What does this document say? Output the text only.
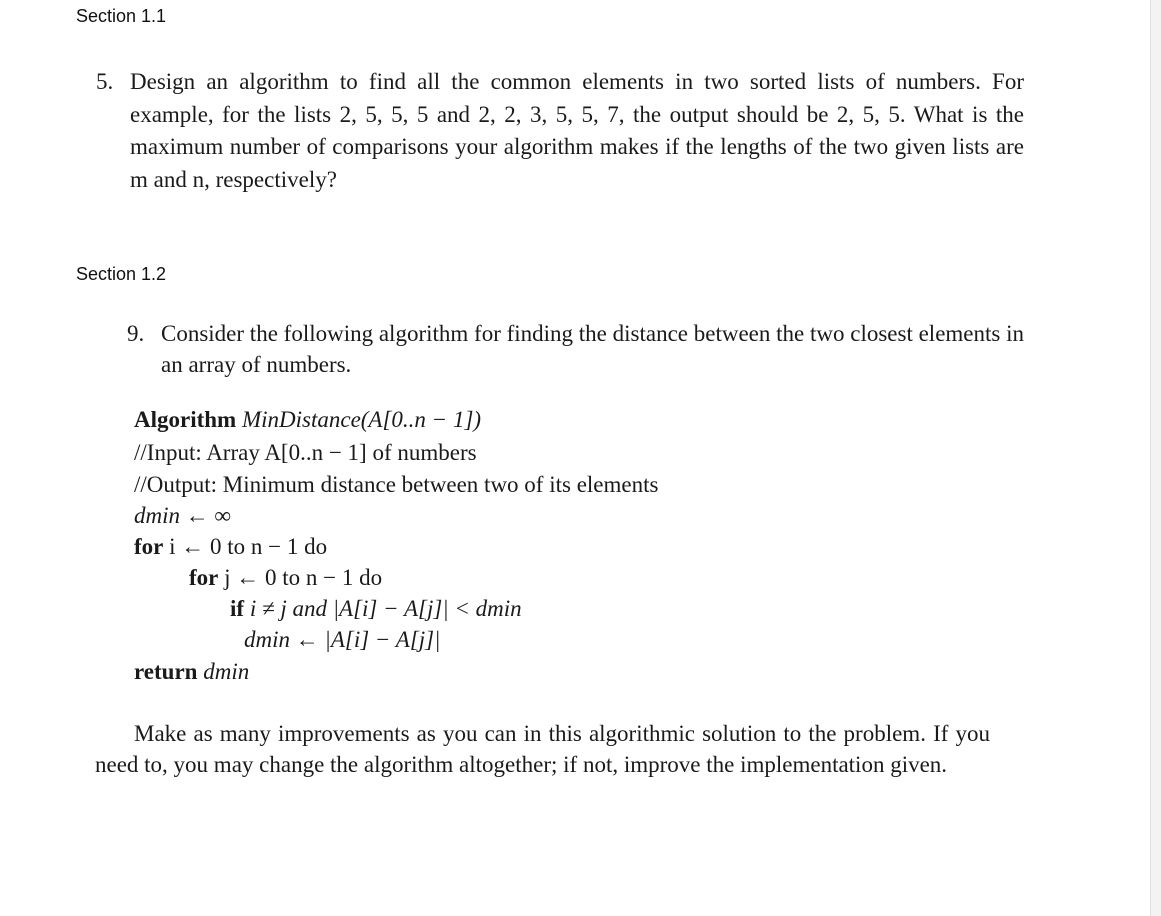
Section 1.1

5. Design an algorithm to find all the common elements in two sorted lists of numbers. For example, for the lists 2, 5, 5, 5 and 2, 2, 3, 5, 5, 7, the output should be 2, 5, 5. What is the maximum number of comparisons your algorithm makes if the lengths of the two given lists are m and n, respectively?

Section 1.2

9. Consider the following algorithm for finding the distance between the two closest elements in an array of numbers.

Algorithm MinDistance(A[0..n − 1])
//Input: Array A[0..n − 1] of numbers
//Output: Minimum distance between two of its elements
dmin ← ∞
for i ← 0 to n − 1 do
for j ← 0 to n − 1 do
if i ≠ j and |A[i] − A[j]| < dmin
dmin ← |A[i] − A[j]|
return dmin

Make as many improvements as you can in this algorithmic solution to the problem. If you need to, you may change the algorithm altogether; if not, improve the implementation given.
